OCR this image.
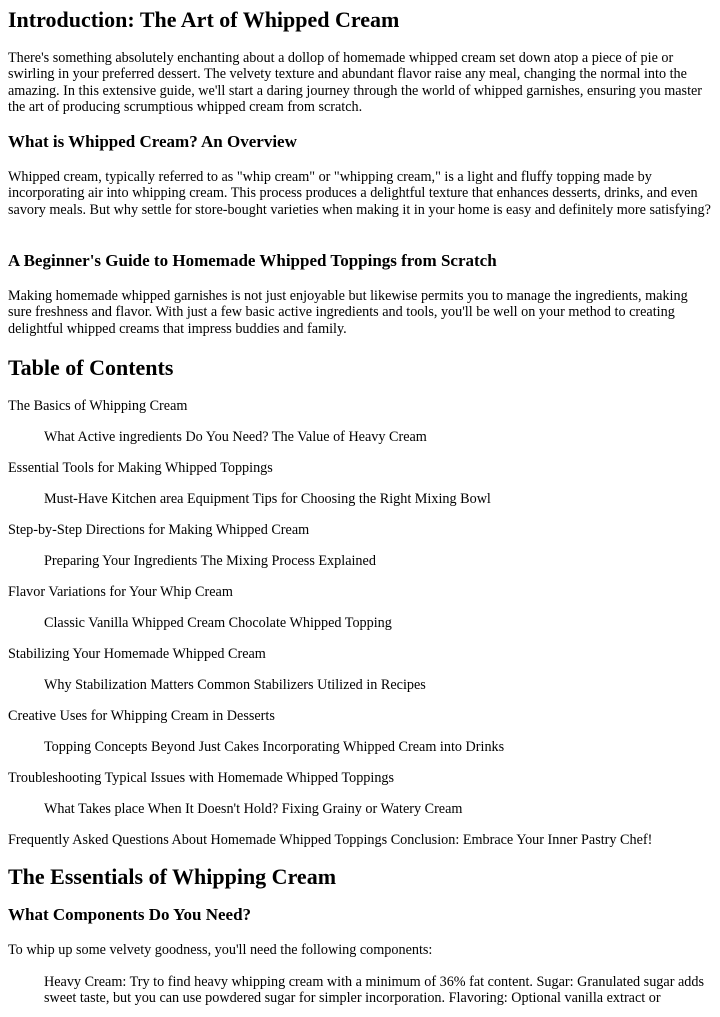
Introduction: The Art of Whipped Cream

There's something absolutely enchanting about a dollop of homemade whipped cream set down atop a piece of pie or swirling in your preferred dessert. The velvety texture and abundant flavor raise any meal, changing the normal into the amazing. In this extensive guide, we'll start a daring journey through the world of whipped garnishes, ensuring you master the art of producing scrumptious whipped cream from scratch.

What is Whipped Cream? An Overview

Whipped cream, typically referred to as "whip cream" or "whipping cream," is a light and fluffy topping made by incorporating air into whipping cream. This process produces a delightful texture that enhances desserts, drinks, and even savory meals. But why settle for store-bought varieties when making it in your home is easy and definitely more satisfying?

A Beginner's Guide to Homemade Whipped Toppings from Scratch

Making homemade whipped garnishes is not just enjoyable but likewise permits you to manage the ingredients, making sure freshness and flavor. With just a few basic active ingredients and tools, you'll be well on your method to creating delightful whipped creams that impress buddies and family.

Table of Contents
The Basics of Whipping Cream
What Active ingredients Do You Need? The Value of Heavy Cream
Essential Tools for Making Whipped Toppings
Must-Have Kitchen area Equipment Tips for Choosing the Right Mixing Bowl
Step-by-Step Directions for Making Whipped Cream
Preparing Your Ingredients The Mixing Process Explained
Flavor Variations for Your Whip Cream
Classic Vanilla Whipped Cream Chocolate Whipped Topping
Stabilizing Your Homemade Whipped Cream
Why Stabilization Matters Common Stabilizers Utilized in Recipes
Creative Uses for Whipping Cream in Desserts
Topping Concepts Beyond Just Cakes Incorporating Whipped Cream into Drinks
Troubleshooting Typical Issues with Homemade Whipped Toppings
What Takes place When It Doesn't Hold? Fixing Grainy or Watery Cream
Frequently Asked Questions About Homemade Whipped Toppings Conclusion: Embrace Your Inner Pastry Chef!
The Essentials of Whipping Cream
What Components Do You Need?

To whip up some velvety goodness, you'll need the following components:

Heavy Cream: Try to find heavy whipping cream with a minimum of 36% fat content. Sugar: Granulated sugar adds sweet taste, but you can use powdered sugar for simpler incorporation. Flavoring: Optional vanilla extract or
